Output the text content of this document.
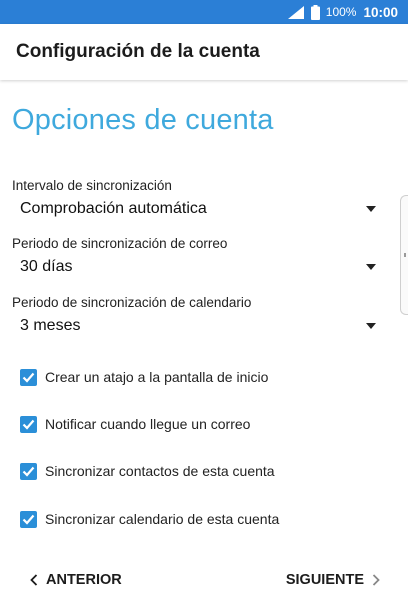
100% 10:00
Configuración de la cuenta
Opciones de cuenta
Intervalo de sincronización
Comprobación automática
Periodo de sincronización de correo
30 días
Periodo de sincronización de calendario
3 meses
Crear un atajo a la pantalla de inicio
Notificar cuando llegue un correo
Sincronizar contactos de esta cuenta
Sincronizar calendario de esta cuenta
ANTERIOR	SIGUIENTE
